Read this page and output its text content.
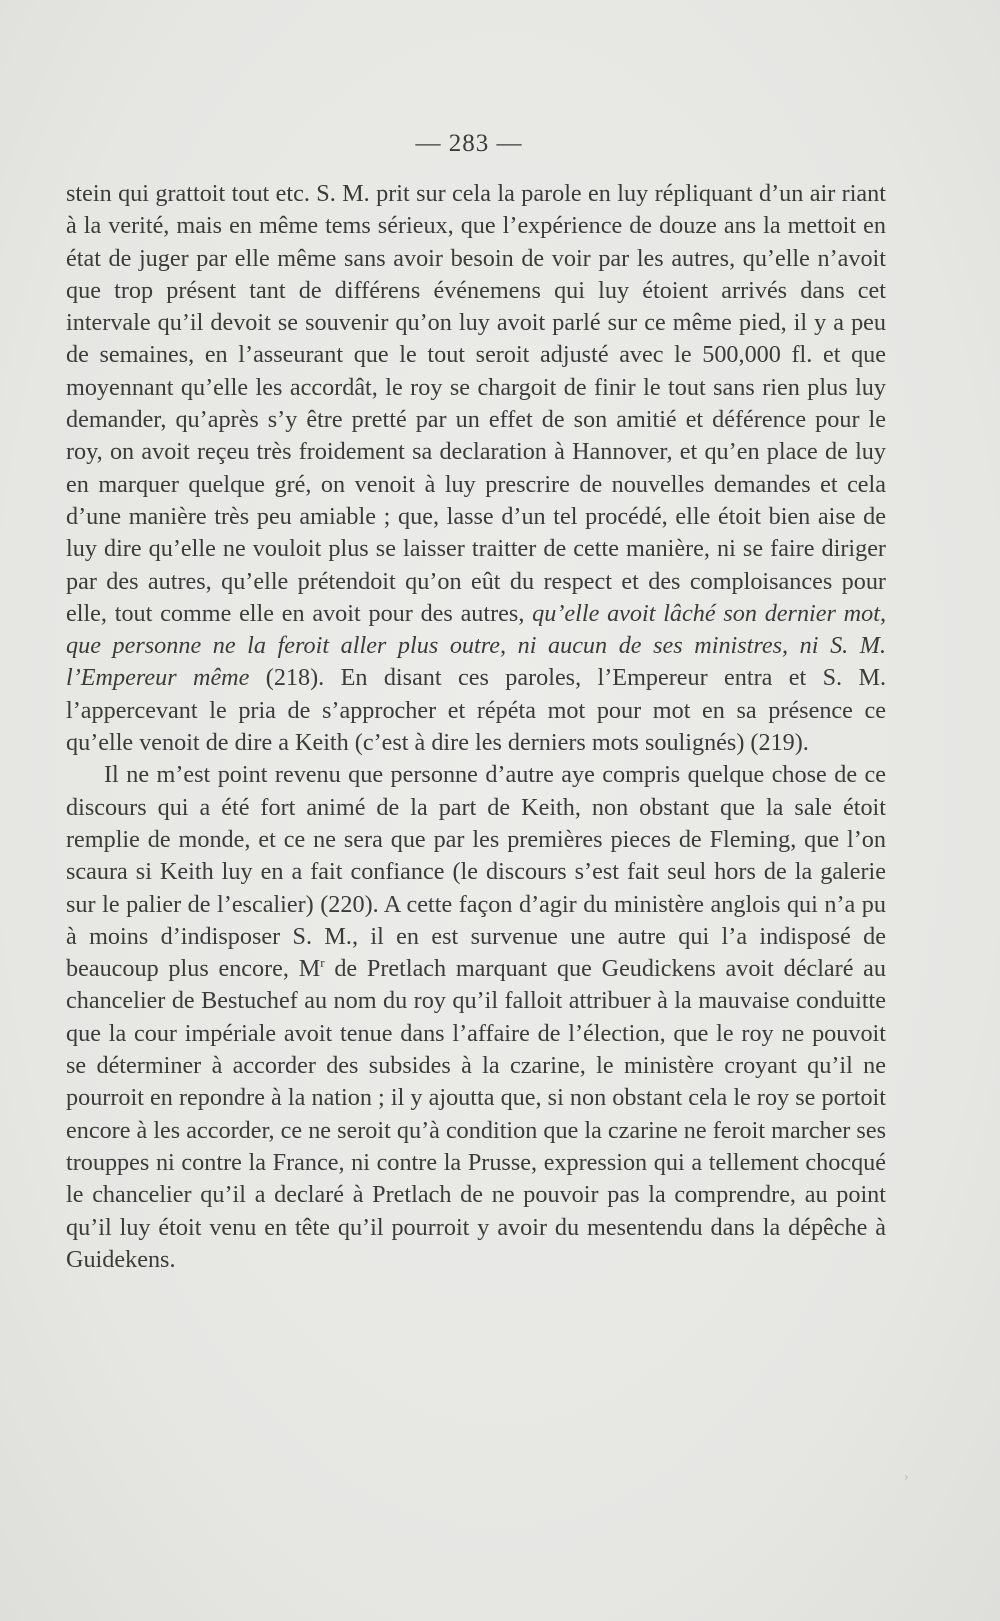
— 283 —

stein qui grattoit tout etc. S. M. prit sur cela la parole en luy répliquant d’un air riant à la verité, mais en même tems sérieux, que l’expérience de douze ans la mettoit en état de juger par elle même sans avoir besoin de voir par les autres, qu’elle n’avoit que trop présent tant de différens événemens qui luy étoient arrivés dans cet intervale qu’il devoit se souvenir qu’on luy avoit parlé sur ce même pied, il y a peu de semaines, en l’asseurant que le tout seroit adjusté avec le 500,000 fl. et que moyennant qu’elle les accordât, le roy se chargoit de finir le tout sans rien plus luy demander, qu’après s’y être pretté par un effet de son amitié et déférence pour le roy, on avoit reçeu très froidement sa declaration à Hannover, et qu’en place de luy en marquer quelque gré, on venoit à luy prescrire de nouvelles demandes et cela d’une manière très peu amiable ; que, lasse d’un tel procédé, elle étoit bien aise de luy dire qu’elle ne vouloit plus se laisser traitter de cette manière, ni se faire diriger par des autres, qu’elle prétendoit qu’on eût du respect et des comploisances pour elle, tout comme elle en avoit pour des autres, qu’elle avoit lâché son dernier mot, que personne ne la feroit aller plus outre, ni aucun de ses ministres, ni S. M. l’Empereur même (218). En disant ces paroles, l’Empereur entra et S. M. l’appercevant le pria de s’approcher et répéta mot pour mot en sa présence ce qu’elle venoit de dire a Keith (c’est à dire les derniers mots soulignés) (219).

Il ne m’est point revenu que personne d’autre aye compris quelque chose de ce discours qui a été fort animé de la part de Keith, non obstant que la sale étoit remplie de monde, et ce ne sera que par les premières pieces de Fleming, que l’on scaura si Keith luy en a fait confiance (le discours s’est fait seul hors de la galerie sur le palier de l’escalier) (220). A cette façon d’agir du ministère anglois qui n’a pu à moins d’indisposer S. M., il en est survenue une autre qui l’a indisposé de beaucoup plus encore, $M^r$ de Pretlach marquant que Geudickens avoit déclaré au chancelier de Bestuchef au nom du roy qu’il falloit attribuer à la mauvaise conduitte que la cour impériale avoit tenue dans l’affaire de l’élection, que le roy ne pouvoit se déterminer à accorder des subsides à la czarine, le ministère croyant qu’il ne pourroit en repondre à la nation ; il y ajoutta que, si non obstant cela le roy se portoit encore à les accorder, ce ne seroit qu’à condition que la czarine ne feroit marcher ses trouppes ni contre la France, ni contre la Prusse, expression qui a tellement chocqué le chancelier qu’il a declaré à Pretlach de ne pouvoir pas la comprendre, au point qu’il luy étoit venu en tête qu’il pourroit y avoir du mesentendu dans la dépêche à Guidekens.

›
